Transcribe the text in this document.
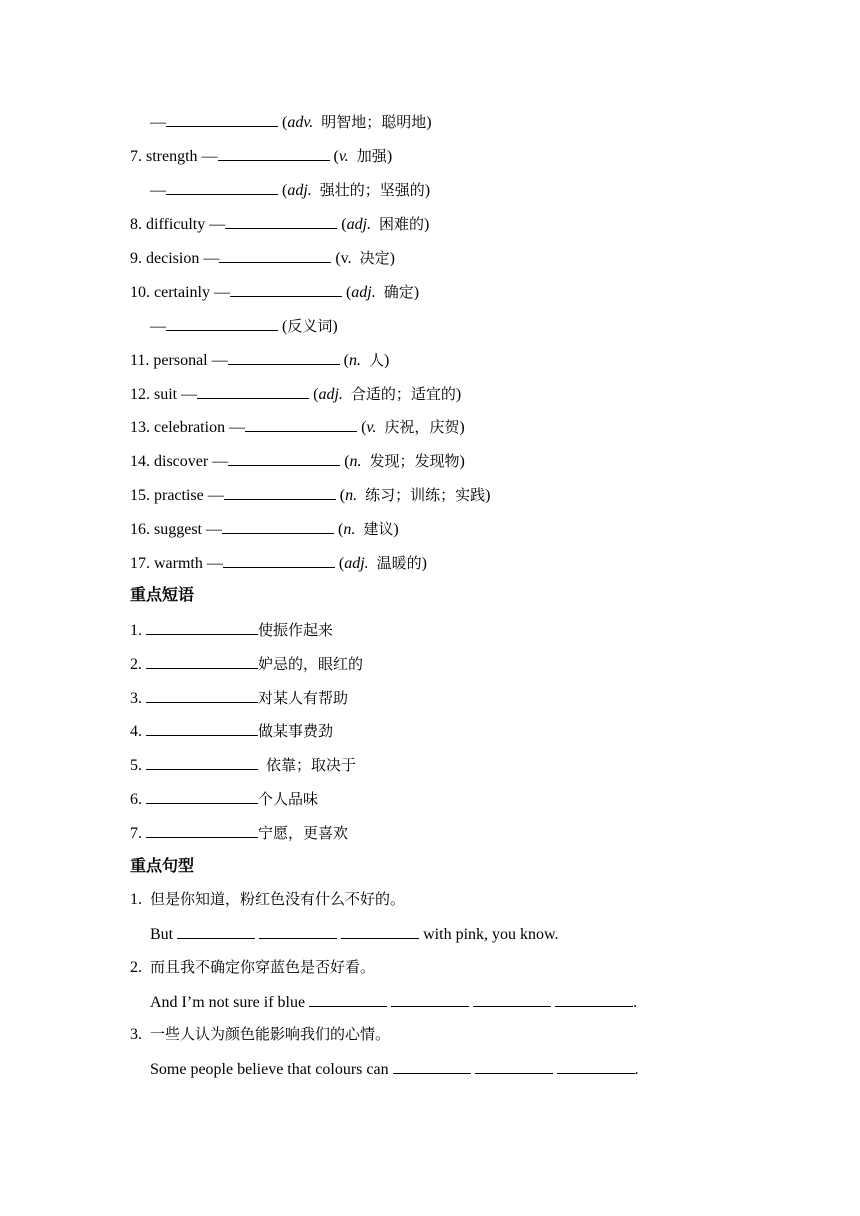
—	(adv. 明智地；聪明地)
7. strength —	(v. 加强)
—	(adj. 强壮的；坚强的)
8. difficulty —	(adj. 困难的)
9. decision —	(v. 决定)
10. certainly —	(adj. 确定)
—	(反义词)
11. personal —	(n. 人)
12. suit —	(adj. 合适的；适宜的)
13. celebration —	(v. 庆祝，庆贺)
14. discover —	(n. 发现；发现物)
15. practise —	(n. 练习；训练；实践)
16. suggest —	(n. 建议)
17. warmth —	(adj. 温暖的)
重点短语
1.	使振作起来
2.	妒忌的，眼红的
3.	对某人有帮助
4.	做某事费劲
5.	依靠；取决于
6.	个人品味
7.	宁愿，更喜欢
重点句型
1. 但是你知道，粉红色没有什么不好的。
But	with pink, you know.
2. 而且我不确定你穿蓝色是否好看。
And I’m not sure if blue	.
3. 一些人认为颜色能影响我们的心情。
Some people believe that colours can	.
